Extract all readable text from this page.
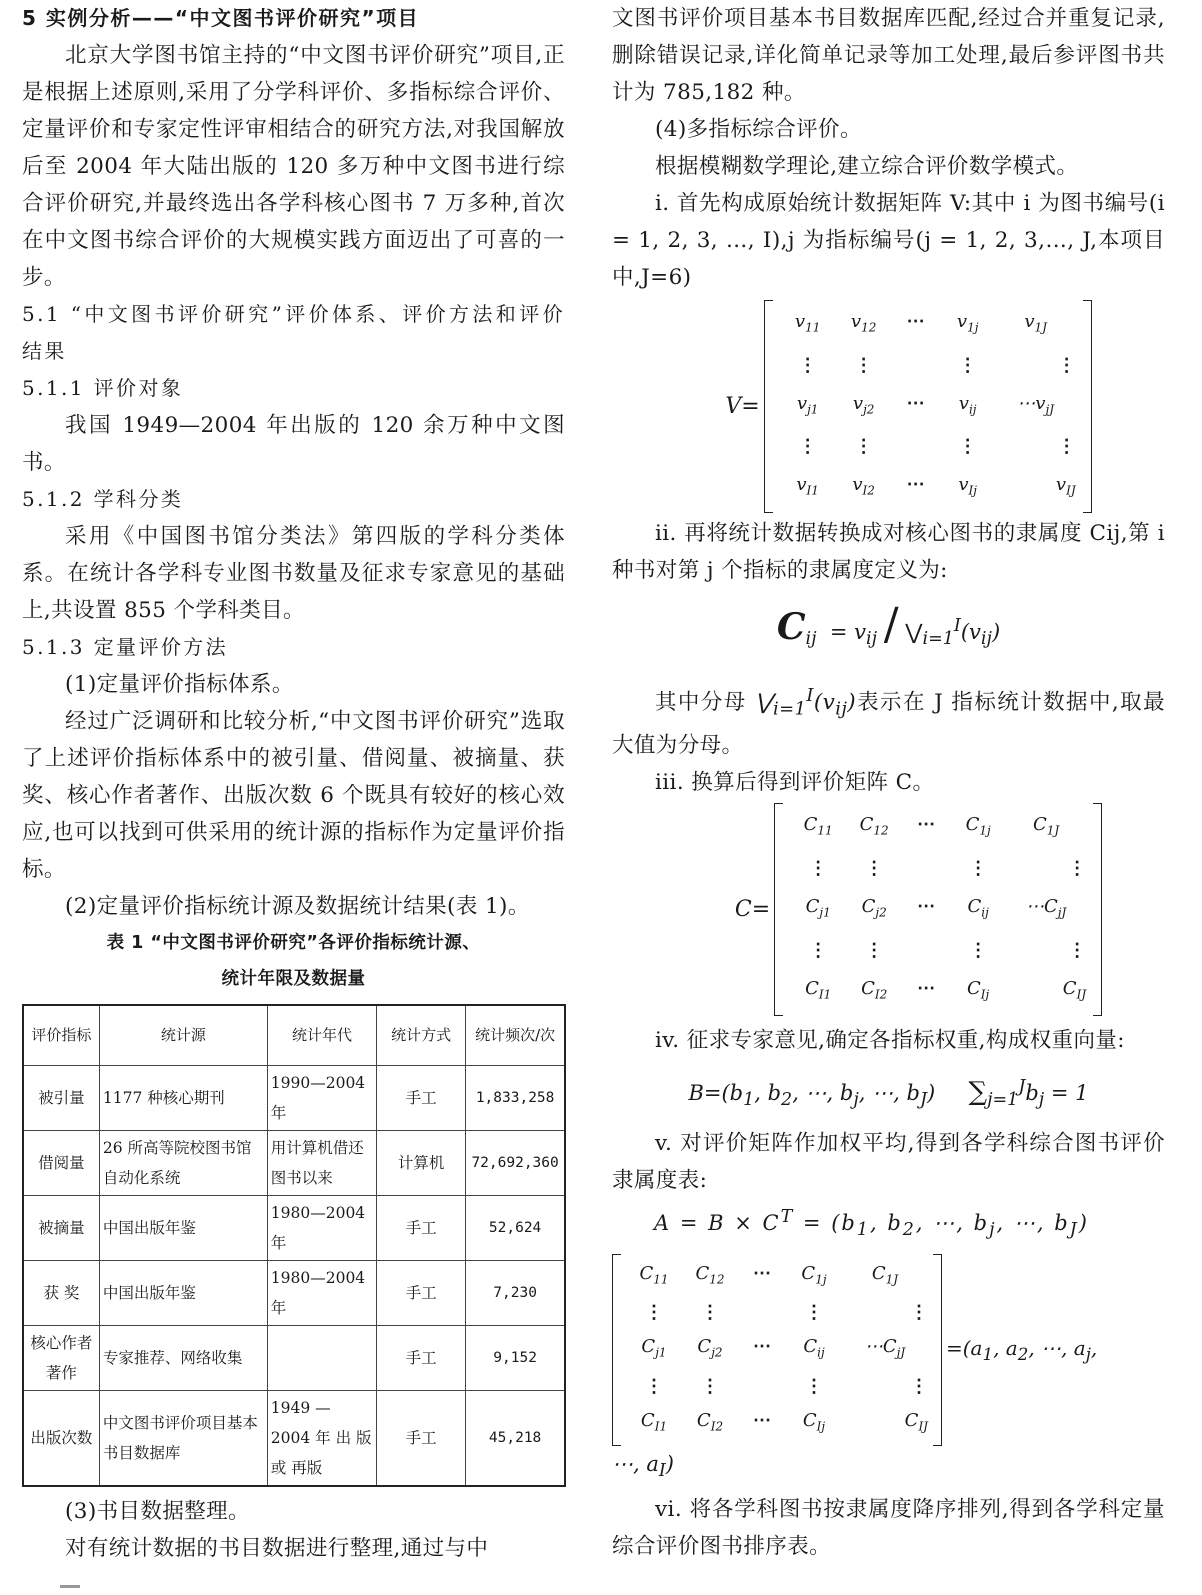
5 实例分析——“中文图书评价研究”项目

北京大学图书馆主持的“中文图书评价研究”项目,正是根据上述原则,采用了分学科评价、多指标综合评价、定量评价和专家定性评审相结合的研究方法,对我国解放后至 2004 年大陆出版的 120 多万种中文图书进行综合评价研究,并最终选出各学科核心图书 7 万多种,首次在中文图书综合评价的大规模实践方面迈出了可喜的一步。

5.1 “中文图书评价研究”评价体系、评价方法和评价结果

5.1.1 评价对象

我国 1949—2004 年出版的 120 余万种中文图书。

5.1.2 学科分类

采用《中国图书馆分类法》第四版的学科分类体系。在统计各学科专业图书数量及征求专家意见的基础上,共设置 855 个学科类目。

5.1.3 定量评价方法

(1)定量评价指标体系。

经过广泛调研和比较分析,“中文图书评价研究”选取了上述评价指标体系中的被引量、借阅量、被摘量、获奖、核心作者著作、出版次数 6 个既具有较好的核心效应,也可以找到可供采用的统计源的指标作为定量评价指标。

(2)定量评价指标统计源及数据统计结果(表 1)。

表 1 “中文图书评价研究”各评价指标统计源、
统计年限及数据量

评价指标	统计源	统计年代	统计方式	统计频次/次
被引量	1177 种核心期刊	1990—2004 年	手工	1,833,258
借阅量	26 所高等院校图书馆自动化系统	用计算机借还图书以来	计算机	72,692,360
被摘量	中国出版年鉴	1980—2004 年	手工	52,624
获 奖	中国出版年鉴	1980—2004 年	手工	7,230
核心作者著作	专家推荐、网络收集		手工	9,152
出版次数	中文图书评价项目基本书目数据库	1949 — 2004 年 出 版 或 再版	手工	45,218

(3)书目数据整理。

对有统计数据的书目数据进行整理,通过与中

文图书评价项目基本书目数据库匹配,经过合并重复记录,删除错误记录,详化简单记录等加工处理,最后参评图书共计为 785,182 种。

(4)多指标综合评价。

根据模糊数学理论,建立综合评价数学模式。

i. 首先构成原始统计数据矩阵 V:其中 i 为图书编号(i = 1, 2, 3, …, I),j 为指标编号(j = 1, 2, 3,…, J,本项目中,J=6)

V=
$v_{11}$	$v_{12}$	⋯	$v_{1j}$	$v_{1J}$
⋮	⋮	⋮	⋮
$v_{j1}$	$v_{j2}$	⋯	$v_{ij}$	$\cdots v_{jJ}$
⋮	⋮	⋮	⋮
$v_{I1}$	$v_{I2}$	⋯	$v_{Ij}$	$v_{IJ}$

ii. 再将统计数据转换成对核心图书的隶属度 Cij,第 i 种书对第 j 个指标的隶属度定义为:

$C_{ij} = v_{ij}$ / $⋁_{i=1}^I(v_{ij})$

其中分母 $⋁_{i=1}^I(v_{ij})$表示在 J 指标统计数据中,取最大值为分母。

iii. 换算后得到评价矩阵 C。

C=
$C_{11}$	$C_{12}$	⋯	$C_{1j}$	$C_{1J}$
⋮	⋮	⋮	⋮
$C_{j1}$	$C_{j2}$	⋯	$C_{ij}$	$\cdots C_{jJ}$
⋮	⋮	⋮	⋮
$C_{I1}$	$C_{I2}$	⋯	$C_{Ij}$	$C_{IJ}$

iv. 征求专家意见,确定各指标权重,构成权重向量:

$B=(b_1$, $b_2$, ⋯, $b_j$, ⋯, $b_J$)     $\sum_{j=1}^Jb_j = 1$

v. 对评价矩阵作加权平均,得到各学科综合图书评价隶属度表:

$A = B \times C^T = (b_1$, $b_2$, ⋯, $b_j$, ⋯, $b_J$)
$C_{11}$	$C_{12}$	⋯	$C_{1j}$	$C_{1J}$
⋮	⋮	⋮	⋮
$C_{j1}$	$C_{j2}$	⋯	$C_{ij}$	$\cdots C_{jJ}$
⋮	⋮	⋮	⋮
$C_{I1}$	$C_{I2}$	⋯	$C_{Ij}$	$C_{IJ}$
$=(a_1$, $a_2$, ⋯, $a_j$,
⋯, $a_I$)

vi. 将各学科图书按隶属度降序排列,得到各学科定量综合评价图书排序表。
